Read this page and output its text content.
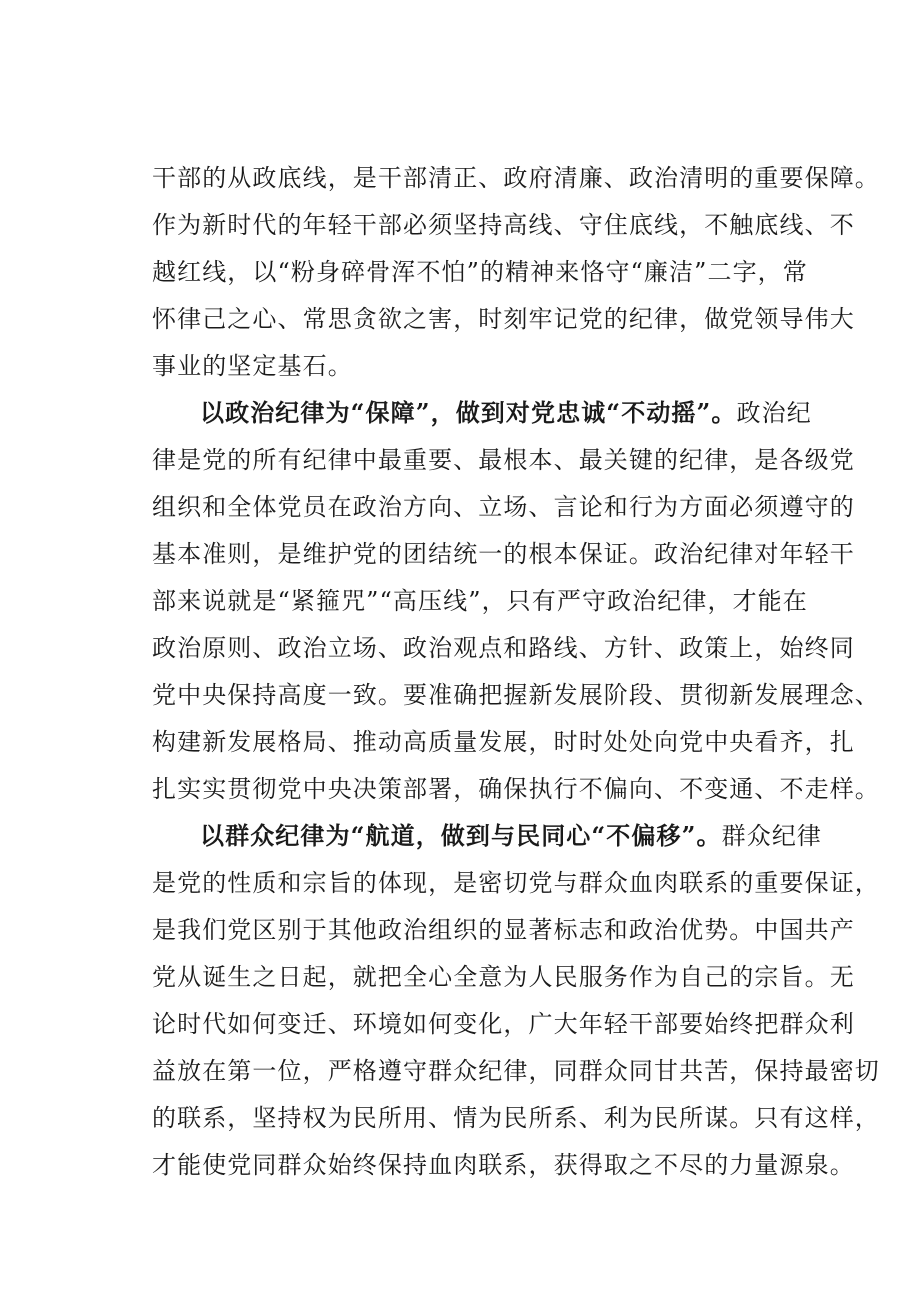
干部的从政底线，是干部清正、政府清廉、政治清明的重要保障。
作为新时代的年轻干部必须坚持高线、守住底线，不触底线、不
越红线，以“粉身碎骨浑不怕”的精神来恪守“廉洁”二字，常
怀律己之心、常思贪欲之害，时刻牢记党的纪律，做党领导伟大
事业的坚定基石。
以政治纪律为“保障”，做到对党忠诚“不动摇”。政治纪
律是党的所有纪律中最重要、最根本、最关键的纪律，是各级党
组织和全体党员在政治方向、立场、言论和行为方面必须遵守的
基本准则，是维护党的团结统一的根本保证。政治纪律对年轻干
部来说就是“紧箍咒”“高压线”，只有严守政治纪律，才能在
政治原则、政治立场、政治观点和路线、方针、政策上，始终同
党中央保持高度一致。要准确把握新发展阶段、贯彻新发展理念、
构建新发展格局、推动高质量发展，时时处处向党中央看齐，扎
扎实实贯彻党中央决策部署，确保执行不偏向、不变通、不走样。
以群众纪律为“航道，做到与民同心“不偏移”。群众纪律
是党的性质和宗旨的体现，是密切党与群众血肉联系的重要保证，
是我们党区别于其他政治组织的显著标志和政治优势。中国共产
党从诞生之日起，就把全心全意为人民服务作为自己的宗旨。无
论时代如何变迁、环境如何变化，广大年轻干部要始终把群众利
益放在第一位，严格遵守群众纪律，同群众同甘共苦，保持最密切
的联系，坚持权为民所用、情为民所系、利为民所谋。只有这样，
才能使党同群众始终保持血肉联系，获得取之不尽的力量源泉。
